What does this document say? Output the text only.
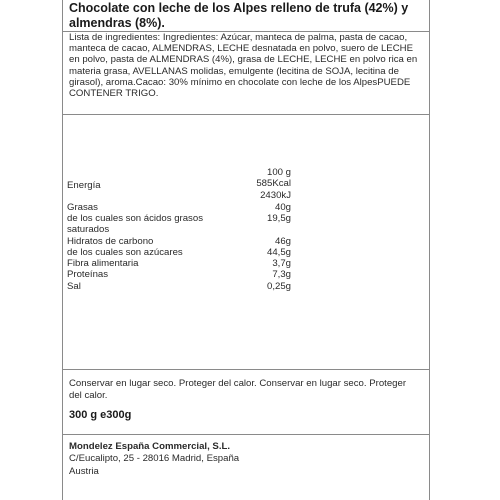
Chocolate con leche de los Alpes relleno de trufa (42%) y almendras (8%).
Lista de ingredientes: Ingredientes: Azúcar, manteca de palma, pasta de cacao, manteca de cacao, ALMENDRAS, LECHE desnatada en polvo, suero de LECHE en polvo, pasta de ALMENDRAS (4%), grasa de LECHE, LECHE en polvo rica en materia grasa, AVELLANAS molidas, emulgente (lecitina de SOJA, lecitina de girasol), aroma.Cacao: 30% mínimo en chocolate con leche de los AlpesPUEDE CONTENER TRIGO.
100 g
Energía	585Kcal
2430kJ
Grasas	40g
de los cuales son ácidos grasos	19,5g
saturados
Hidratos de carbono	46g
de los cuales son azúcares	44,5g
Fibra alimentaria	3,7g
Proteínas	7,3g
Sal	0,25g
Conservar en lugar seco. Proteger del calor. Conservar en lugar seco. Proteger del calor.
300 g e300g
Mondelez España Commercial, S.L.
C/Eucalipto, 25 - 28016 Madrid, España
Austria
